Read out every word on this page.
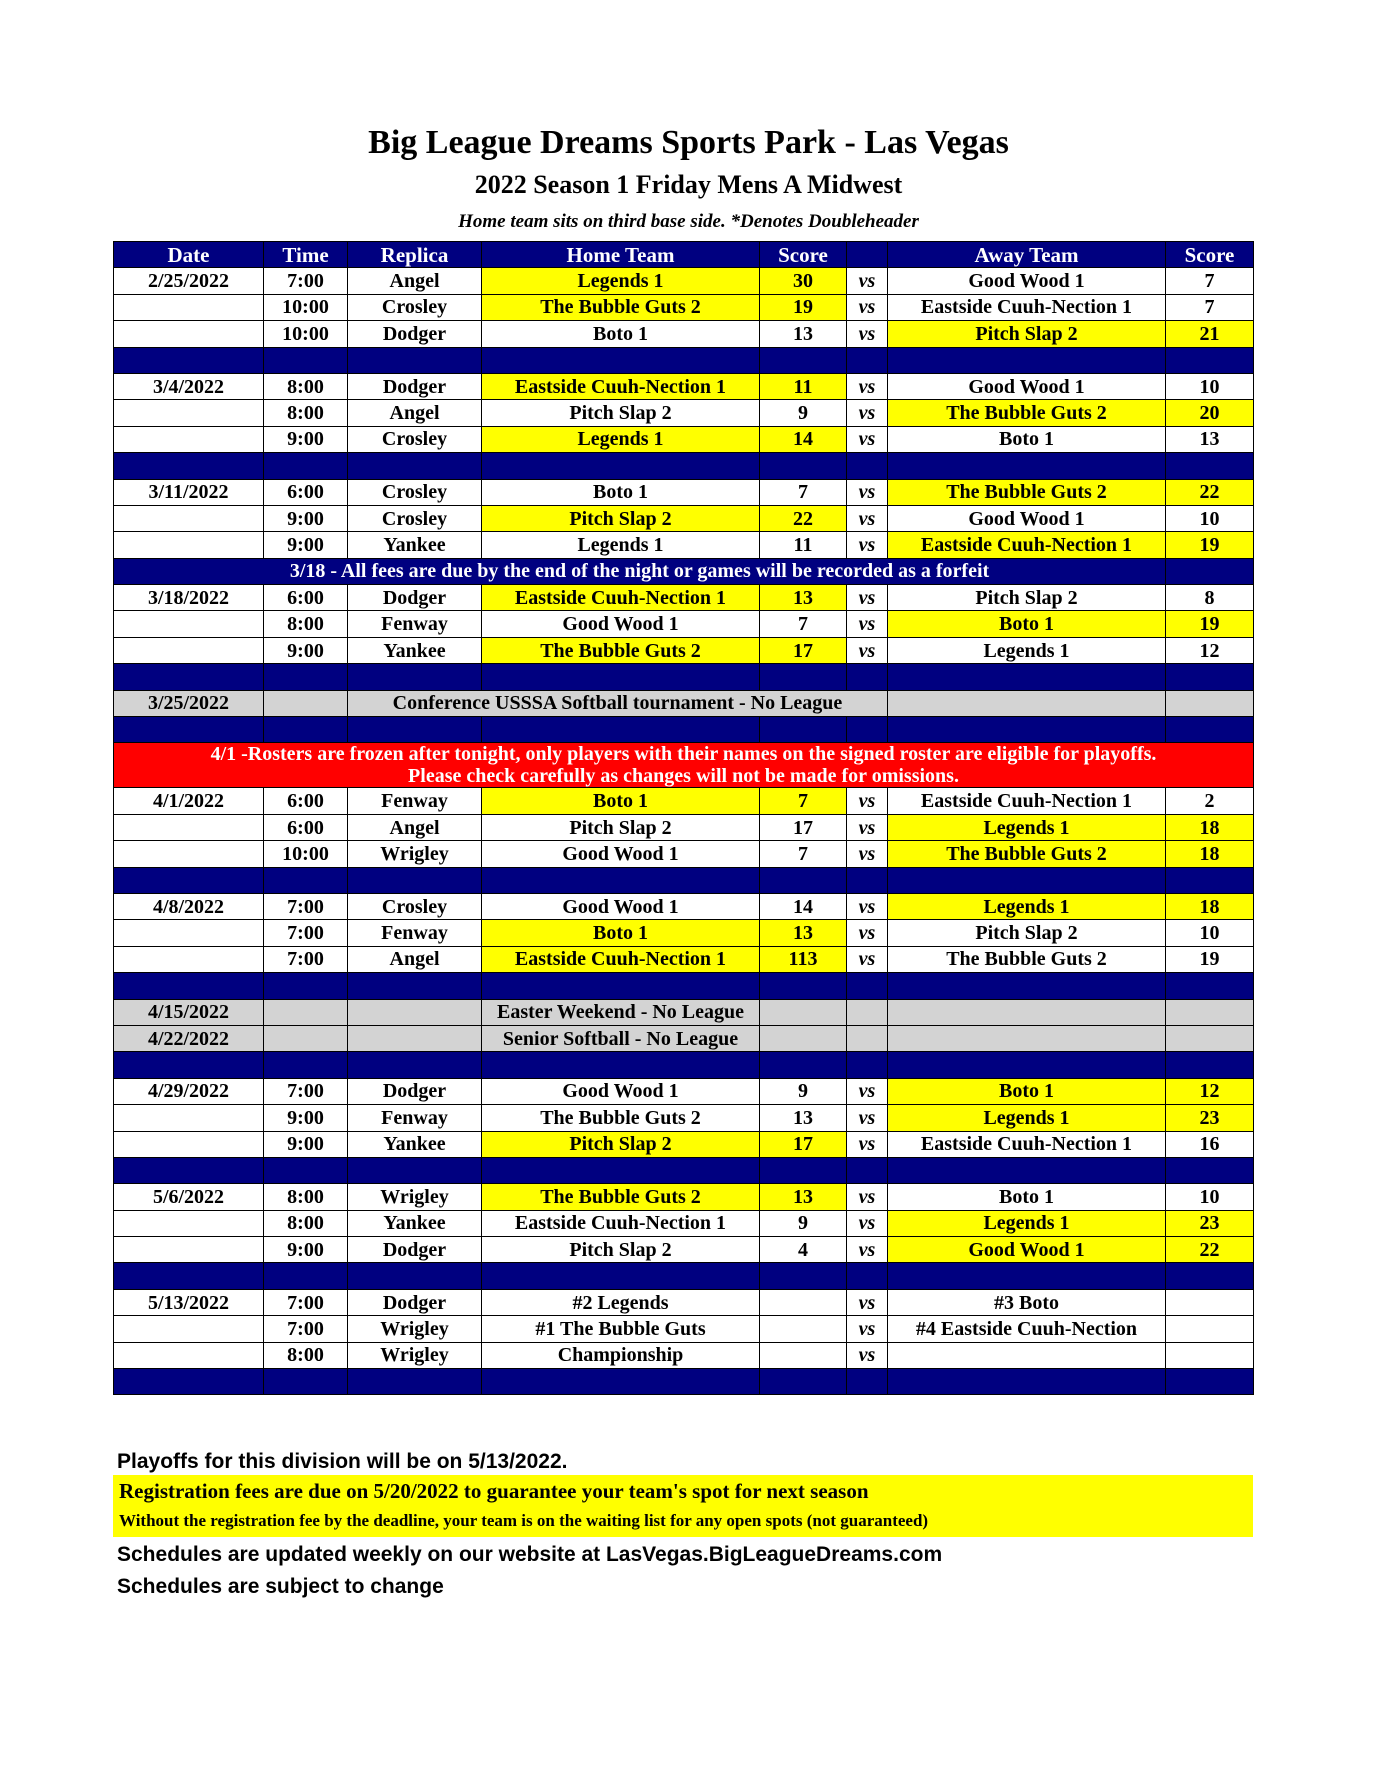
Big League Dreams Sports Park - Las Vegas
2022 Season 1 Friday Mens A Midwest
Home team sits on third base side. *Denotes Doubleheader
Date	Time	Replica	Home Team	Score		Away Team	Score	
2/25/2022	7:00	Angel	Legends 1	30	vs	Good Wood 1	7	
	10:00	Crosley	The Bubble Guts 2	19	vs	Eastside Cuuh-Nection 1	7	
	10:00	Dodger	Boto 1	13	vs	Pitch Slap 2	21	

3/4/2022	8:00	Dodger	Eastside Cuuh-Nection 1	11	vs	Good Wood 1	10	
	8:00	Angel	Pitch Slap 2	9	vs	The Bubble Guts 2	20	
	9:00	Crosley	Legends 1	14	vs	Boto 1	13	

3/11/2022	6:00	Crosley	Boto 1	7	vs	The Bubble Guts 2	22	
	9:00	Crosley	Pitch Slap 2	22	vs	Good Wood 1	10	
	9:00	Yankee	Legends 1	11	vs	Eastside Cuuh-Nection 1	19	
3/18 - All fees are due by the end of the night or games will be recorded as a forfeit								
3/18/2022	6:00	Dodger	Eastside Cuuh-Nection 1	13	vs	Pitch Slap 2	8	
	8:00	Fenway	Good Wood 1	7	vs	Boto 1	19	
	9:00	Yankee	The Bubble Guts 2	17	vs	Legends 1	12	

3/25/2022		Conference USSSA Softball tournament - No League						

4/1 -Rosters are frozen after tonight, only players with their names on the signed roster are eligible for playoffs.
Please check carefully as changes will not be made for omissions.								

4/1/2022	6:00	Fenway	Boto 1	7	vs	Eastside Cuuh-Nection 1	2	
	6:00	Angel	Pitch Slap 2	17	vs	Legends 1	18	
	10:00	Wrigley	Good Wood 1	7	vs	The Bubble Guts 2	18	

4/8/2022	7:00	Crosley	Good Wood 1	14	vs	Legends 1	18	
	7:00	Fenway	Boto 1	13	vs	Pitch Slap 2	10	
	7:00	Angel	Eastside Cuuh-Nection 1	113	vs	The Bubble Guts 2	19	

4/15/2022			Easter Weekend - No League					
4/22/2022			Senior Softball - No League					

4/29/2022	7:00	Dodger	Good Wood 1	9	vs	Boto 1	12	
	9:00	Fenway	The Bubble Guts 2	13	vs	Legends 1	23	
	9:00	Yankee	Pitch Slap 2	17	vs	Eastside Cuuh-Nection 1	16	

5/6/2022	8:00	Wrigley	The Bubble Guts 2	13	vs	Boto 1	10	
	8:00	Yankee	Eastside Cuuh-Nection 1	9	vs	Legends 1	23	
	9:00	Dodger	Pitch Slap 2	4	vs	Good Wood 1	22	

5/13/2022	7:00	Dodger	#2 Legends		vs	#3 Boto		
	7:00	Wrigley	#1 The Bubble Guts		vs	#4 Eastside Cuuh-Nection		
	8:00	Wrigley	Championship		vs			

Playoffs for this division will be on 5/13/2022.
Registration fees are due on 5/20/2022 to guarantee your team's spot for next season
Without the registration fee by the deadline, your team is on the waiting list for any open spots (not guaranteed)
Schedules are updated weekly on our website at LasVegas.BigLeagueDreams.com
Schedules are subject to change
